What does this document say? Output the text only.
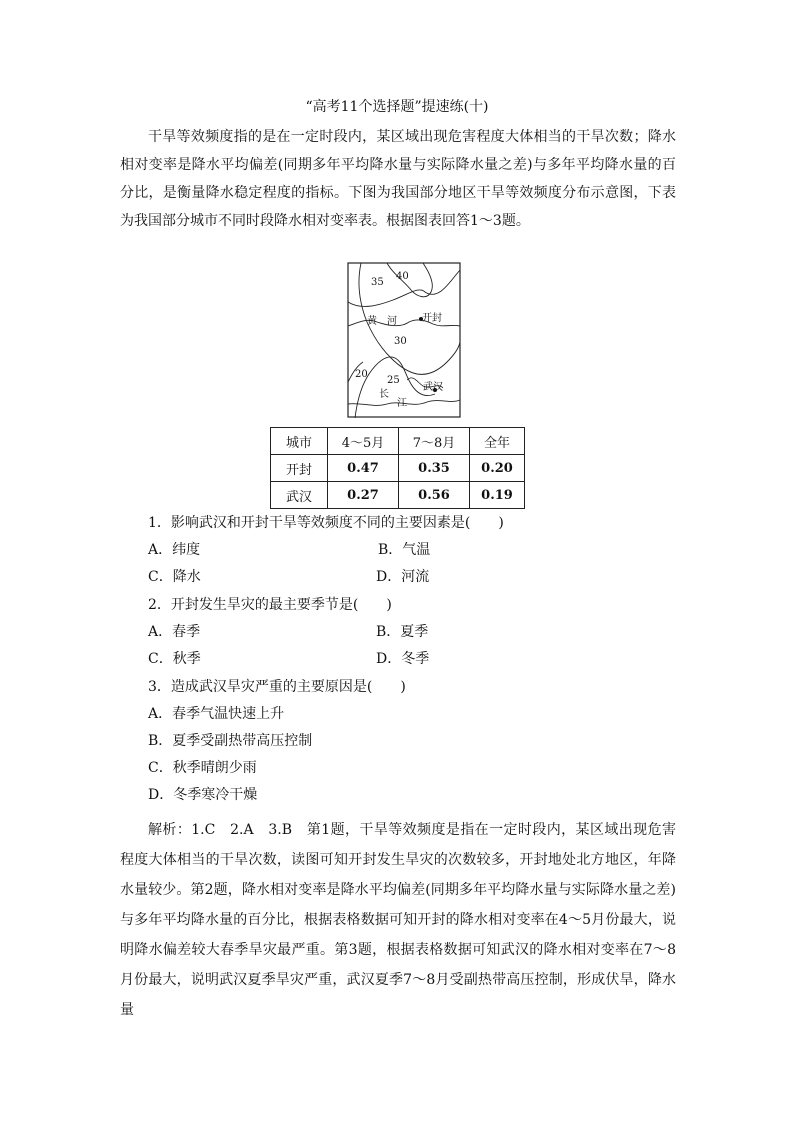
“高考11个选择题”提速练(十)

干旱等效频度指的是在一定时段内，某区域出现危害程度大体相当的干旱次数；降水相对变率是降水平均偏差(同期多年平均降水量与实际降水量之差)与多年平均降水量的百分比，是衡量降水稳定程度的指标。下图为我国部分地区干旱等效频度分布示意图，下表为我国部分城市不同时段降水相对变率表。根据图表回答1～3题。

35
40
黄 河	开封
30
20
25
长
江
武汉
城市	4～5月	7～8月	全年
开封	0.47	0.35	0.20
武汉	0.27	0.56	0.19
1．影响武汉和开封干旱等效频度不同的主要因素是(　　)
A．纬度	B．气温
C．降水	D．河流
2．开封发生旱灾的最主要季节是(　　)
A．春季	B．夏季
C．秋季	D．冬季
3．造成武汉旱灾严重的主要原因是(　　)
A．春季气温快速上升
B．夏季受副热带高压控制
C．秋季晴朗少雨
D．冬季寒冷干燥

解析：1.C　2.A　3.B　第1题，干旱等效频度是指在一定时段内，某区域出现危害程度大体相当的干旱次数，读图可知开封发生旱灾的次数较多，开封地处北方地区，年降水量较少。第2题，降水相对变率是降水平均偏差(同期多年平均降水量与实际降水量之差)与多年平均降水量的百分比，根据表格数据可知开封的降水相对变率在4～5月份最大，说明降水偏差较大春季旱灾最严重。第3题，根据表格数据可知武汉的降水相对变率在7～8月份最大，说明武汉夏季旱灾严重，武汉夏季7～8月受副热带高压控制，形成伏旱，降水量
